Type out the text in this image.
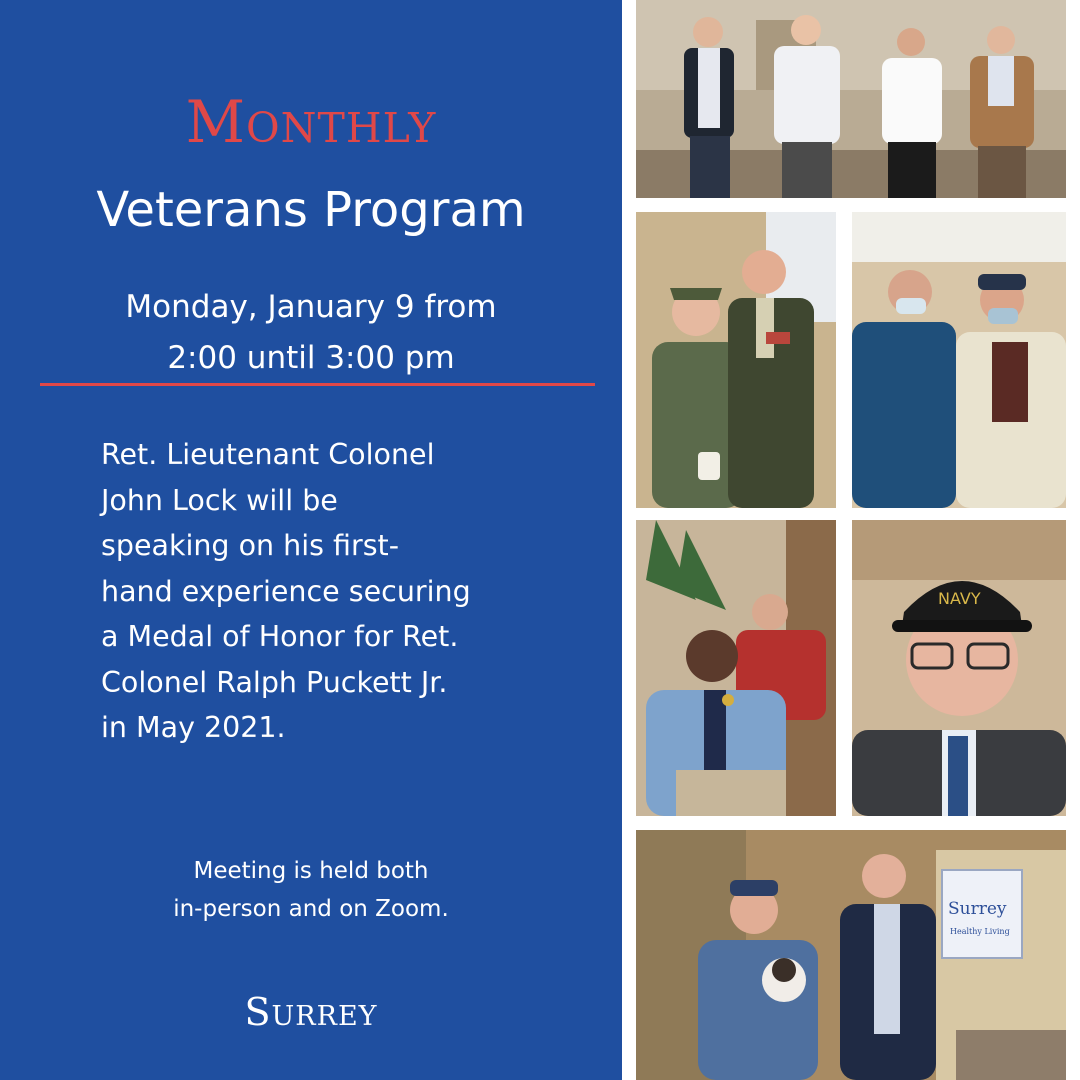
Monthly
Veterans Program
Monday, January 9 from
2:00 until 3:00 pm
Ret. Lieutenant Colonel
John Lock will be
speaking on his first-
hand experience securing
a Medal of Honor for Ret.
Colonel Ralph Puckett Jr.
in May 2021.
Meeting is held both
in-person and on Zoom.
Surrey
NAVY
Surrey
Healthy Living
